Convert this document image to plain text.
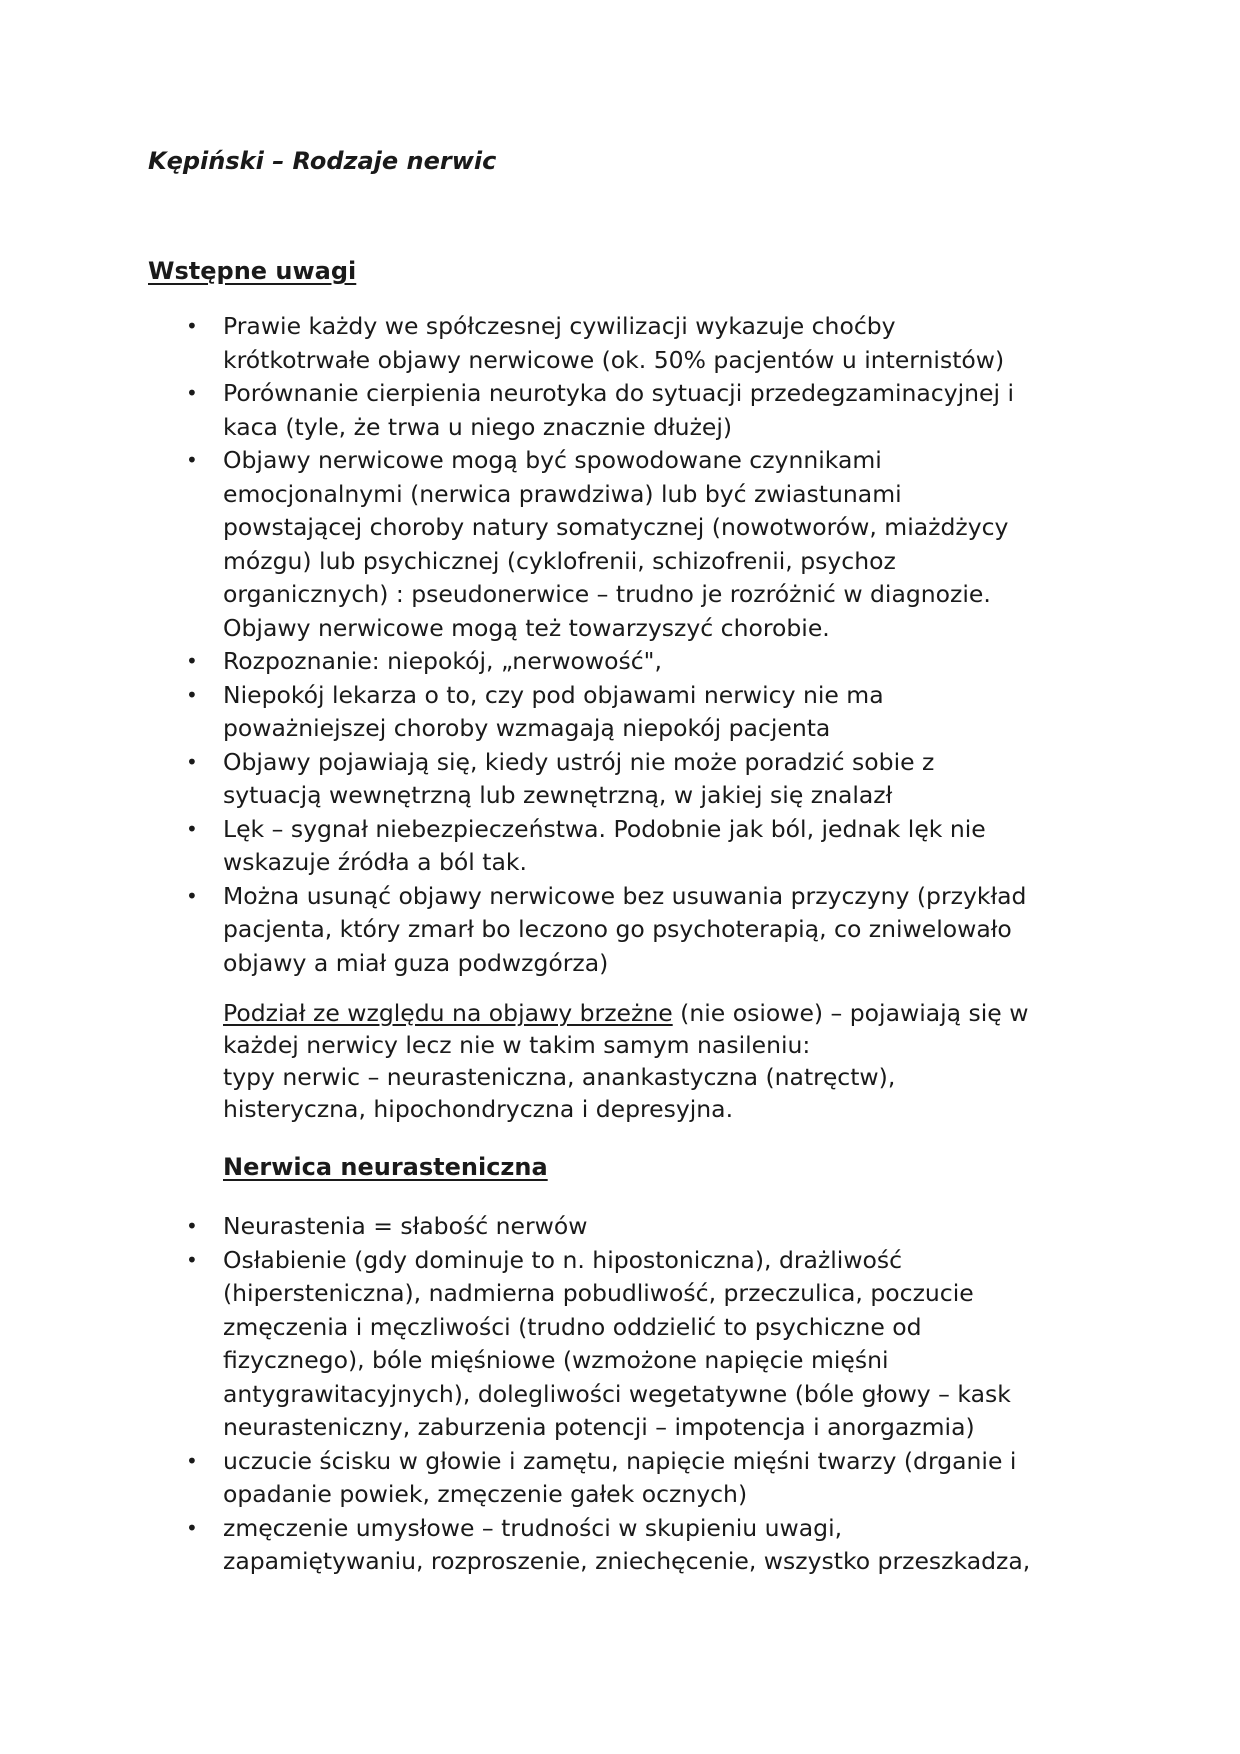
Kępiński – Rodzaje nerwic
Wstępne uwagi
• Prawie każdy we spółczesnej cywilizacji wykazuje choćby
krótkotrwałe objawy nerwicowe (ok. 50% pacjentów u internistów)
• Porównanie cierpienia neurotyka do sytuacji przedegzaminacyjnej i
kaca (tyle, że trwa u niego znacznie dłużej)
• Objawy nerwicowe mogą być spowodowane czynnikami
emocjonalnymi (nerwica prawdziwa) lub być zwiastunami
powstającej choroby natury somatycznej (nowotworów, miażdżycy
mózgu) lub psychicznej (cyklofrenii, schizofrenii, psychoz
organicznych) : pseudonerwice – trudno je rozróżnić w diagnozie.
Objawy nerwicowe mogą też towarzyszyć chorobie.
• Rozpoznanie: niepokój, „nerwowość",
• Niepokój lekarza o to, czy pod objawami nerwicy nie ma
poważniejszej choroby wzmagają niepokój pacjenta
• Objawy pojawiają się, kiedy ustrój nie może poradzić sobie z
sytuacją wewnętrzną lub zewnętrzną, w jakiej się znalazł
• Lęk – sygnał niebezpieczeństwa. Podobnie jak ból, jednak lęk nie
wskazuje źródła a ból tak.
• Można usunąć objawy nerwicowe bez usuwania przyczyny (przykład
pacjenta, który zmarł bo leczono go psychoterapią, co zniwelowało
objawy a miał guza podwzgórza)

Podział ze względu na objawy brzeżne (nie osiowe) – pojawiają się w
każdej nerwicy lecz nie w takim samym nasileniu:
typy nerwic – neurasteniczna, anankastyczna (natręctw),
histeryczna, hipochondryczna i depresyjna.

Nerwica neurasteniczna
• Neurastenia = słabość nerwów
• Osłabienie (gdy dominuje to n. hipostoniczna), drażliwość
(hipersteniczna), nadmierna pobudliwość, przeczulica, poczucie
zmęczenia i męczliwości (trudno oddzielić to psychiczne od
fizycznego), bóle mięśniowe (wzmożone napięcie mięśni
antygrawitacyjnych), dolegliwości wegetatywne (bóle głowy – kask
neurasteniczny, zaburzenia potencji – impotencja i anorgazmia)
• uczucie ścisku w głowie i zamętu, napięcie mięśni twarzy (drganie i
opadanie powiek, zmęczenie gałek ocznych)
• zmęczenie umysłowe – trudności w skupieniu uwagi,
zapamiętywaniu, rozproszenie, zniechęcenie, wszystko przeszkadza,
